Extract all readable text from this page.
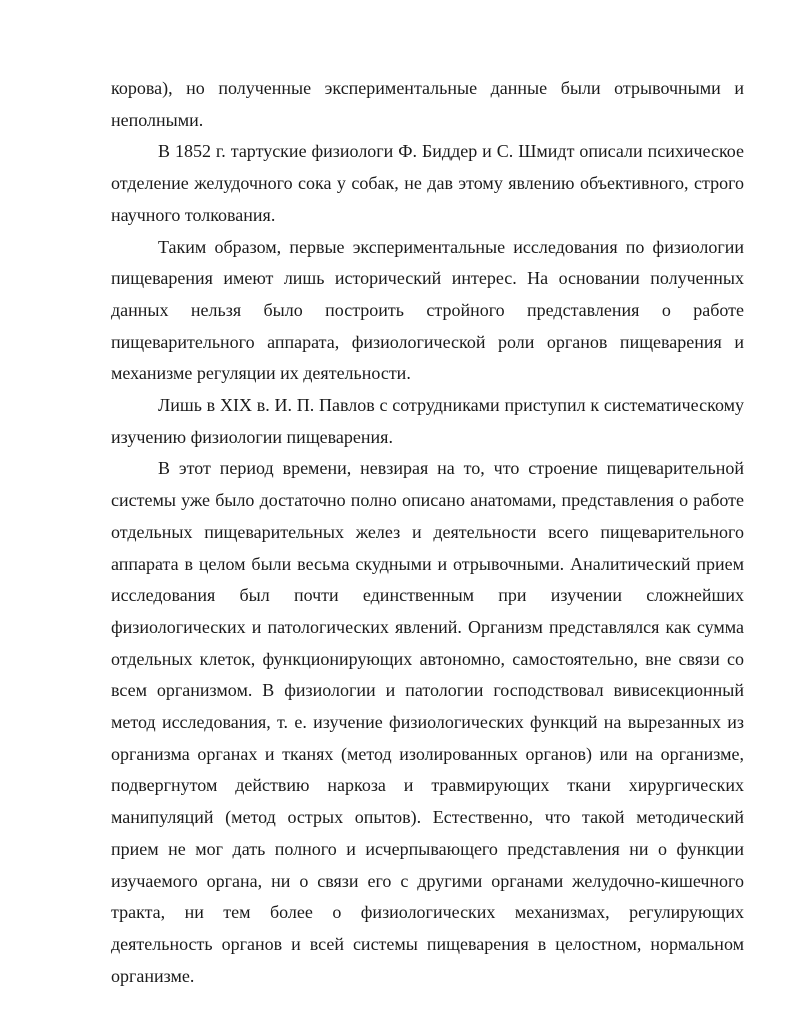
корова), но полученные экспериментальные данные были отрывочными и неполными.

В 1852 г. тартуские физиологи Ф. Биддер и С. Шмидт описали психическое отделение желудочного сока у собак, не дав этому явлению объективного, строго научного толкования.

Таким образом, первые экспериментальные исследования по физиологии пищеварения имеют лишь исторический интерес. На основании полученных данных нельзя было построить стройного представления о работе пищеварительного аппарата, физиологической роли органов пищеварения и механизме регуляции их деятельности.

Лишь в XIX в. И. П. Павлов с сотрудниками приступил к систематическому изучению физиологии пищеварения.

В этот период времени, невзирая на то, что строение пищеварительной системы уже было достаточно полно описано анатомами, представления о работе отдельных пищеварительных желез и деятельности всего пищеварительного аппарата в целом были весьма скудными и отрывочными. Аналитический прием исследования был почти единственным при изучении сложнейших физиологических и патологических явлений. Организм представлялся как сумма отдельных клеток, функционирующих автономно, самостоятельно, вне связи со всем организмом. В физиологии и патологии господствовал вивисекционный метод исследования, т. е. изучение физиологических функций на вырезанных из организма органах и тканях (метод изолированных органов) или на организме, подвергнутом действию наркоза и травмирующих ткани хирургических манипуляций (метод острых опытов). Естественно, что такой методический прием не мог дать полного и исчерпывающего представления ни о функции изучаемого органа, ни о связи его с другими органами желудочно-кишечного тракта, ни тем более о физиологических механизмах, регулирующих деятельность органов и всей системы пищеварения в целостном, нормальном организме.
